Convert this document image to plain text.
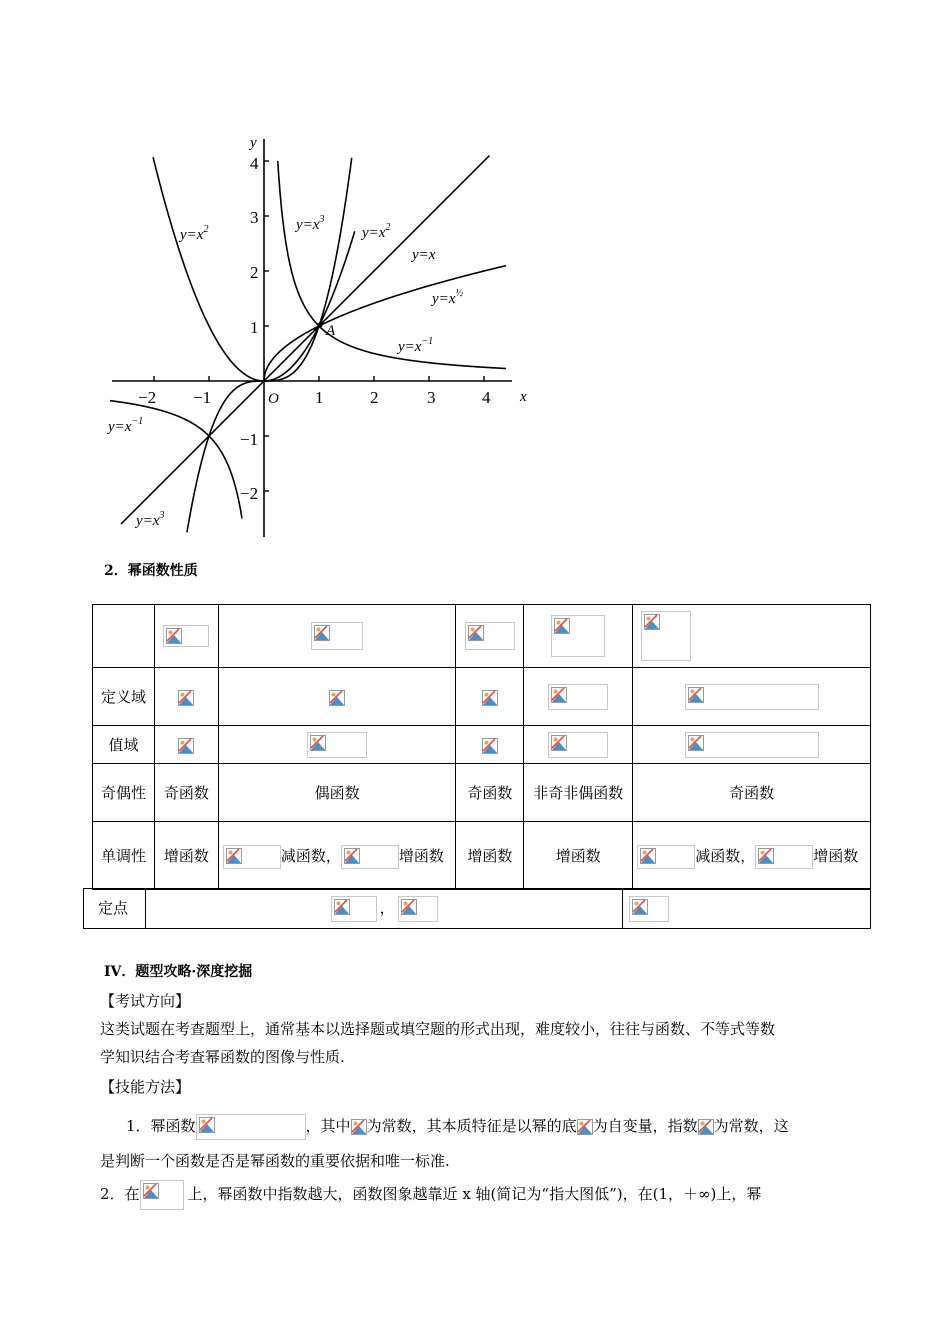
x
y
O
A
−2 −1	1	2	3	4
4
3
2
1
−1
−2
$y=x^2$	$y=x^3$
$y=x^2$
y=x
$y=x^{\frac{1}{2}}$
$y=x^{-1}$
$y=x^{-1}$
$y=x^3$
2．幂函数性质

定义域

值域

奇偶性	奇函数	偶函数	奇函数	非奇非偶函数	奇函数

单调性	增函数	减函数， 增函数	增函数	增函数	减函数， 增函数
定点	，

IV．题型攻略·深度挖掘
【考试方向】
这类试题在考查题型上，通常基本以选择题或填空题的形式出现，难度较小，往往与函数、不等式等数
学知识结合考查幂函数的图像与性质.
【技能方法】
1．幂函数	，其中 为常数，其本质特征是以幂的底 为自变量，指数 为常数，这
是判断一个函数是否是幂函数的重要依据和唯一标准.
2．在	上，幂函数中指数越大，函数图象越靠近 x 轴(简记为“指大图低”)，在(1，＋∞)上，幂
